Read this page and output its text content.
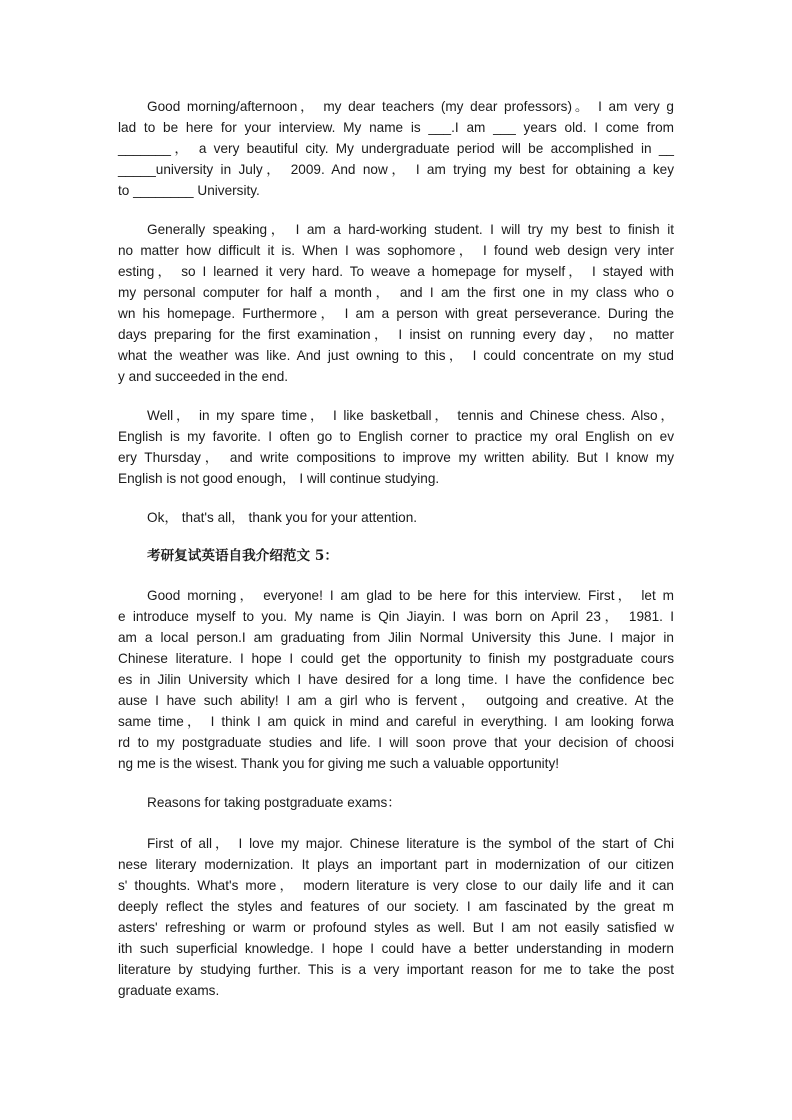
Good morning/afternoon， my dear teachers (my dear professors)。 I am very g
lad to be here for your interview. My name is ___.I am ___ years old. I come from
_______， a very beautiful city. My undergraduate period will be accomplished in __
_____university in July， 2009. And now， I am trying my best for obtaining a key
to ________ University.
Generally speaking， I am a hard-working student. I will try my best to finish it
no matter how difficult it is. When I was sophomore， I found web design very inter
esting， so I learned it very hard. To weave a homepage for myself， I stayed with
my personal computer for half a month， and I am the first one in my class who o
wn his homepage. Furthermore， I am a person with great perseverance. During the
days preparing for the first examination， I insist on running every day， no matter
what the weather was like. And just owning to this， I could concentrate on my stud
y and succeeded in the end.
Well， in my spare time， I like basketball， tennis and Chinese chess. Also，
English is my favorite. I often go to English corner to practice my oral English on ev
ery Thursday， and write compositions to improve my written ability. But I know my
English is not good enough， I will continue studying.
Ok， that's all， thank you for your attention.
考研复试英语自我介绍范文 5：
Good morning， everyone! I am glad to be here for this interview. First， let m
e introduce myself to you. My name is Qin Jiayin. I was born on April 23， 1981. I
am a local person.I am graduating from Jilin Normal University this June. I major in
Chinese literature. I hope I could get the opportunity to finish my postgraduate cours
es in Jilin University which I have desired for a long time. I have the confidence bec
ause I have such ability! I am a girl who is fervent， outgoing and creative. At the
same time， I think I am quick in mind and careful in everything. I am looking forwa
rd to my postgraduate studies and life. I will soon prove that your decision of choosi
ng me is the wisest. Thank you for giving me such a valuable opportunity!
Reasons for taking postgraduate exams：
First of all， I love my major. Chinese literature is the symbol of the start of Chi
nese literary modernization. It plays an important part in modernization of our citizen
s' thoughts. What's more， modern literature is very close to our daily life and it can
deeply reflect the styles and features of our society. I am fascinated by the great m
asters' refreshing or warm or profound styles as well. But I am not easily satisfied w
ith such superficial knowledge. I hope I could have a better understanding in modern
literature by studying further. This is a very important reason for me to take the post
graduate exams.
